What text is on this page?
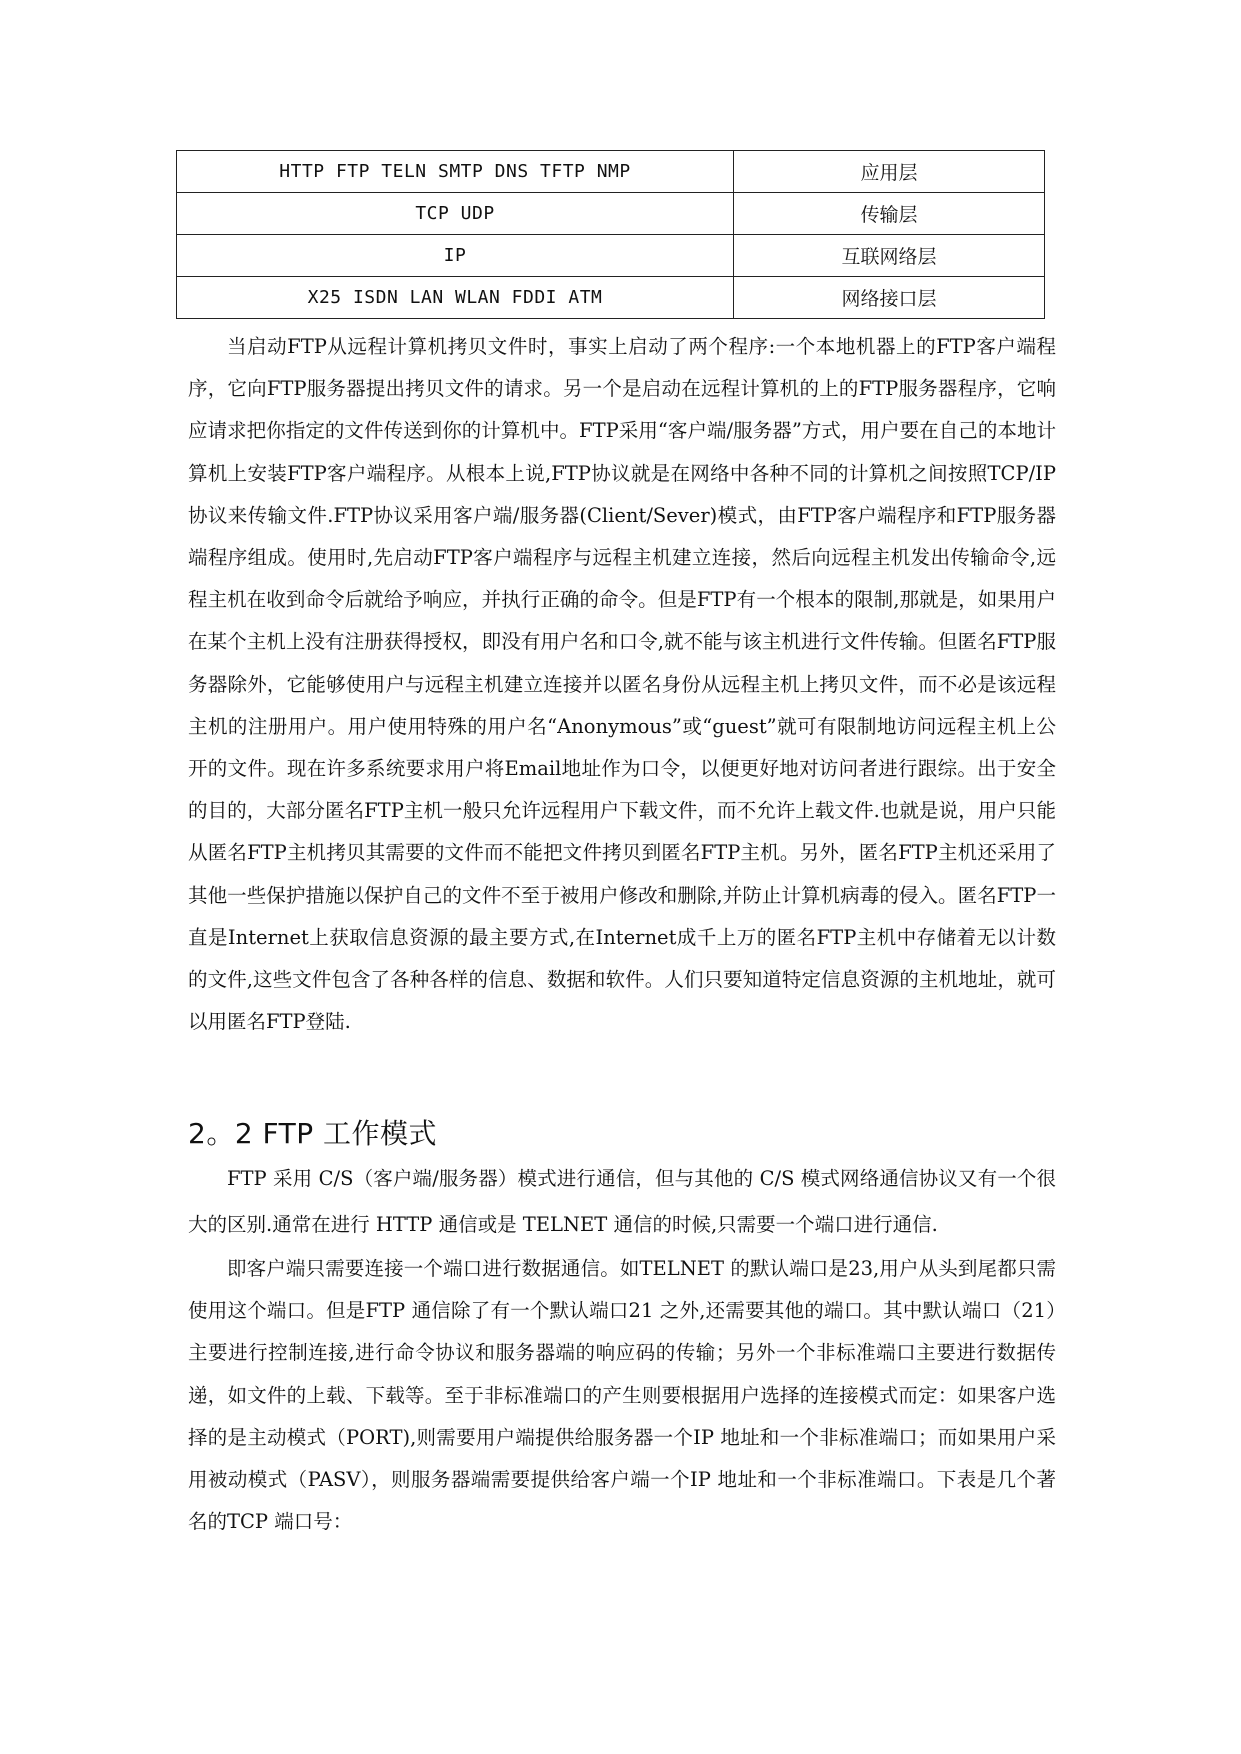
HTTP FTP TELN SMTP DNS TFTP NMP	应用层
TCP UDP	传输层
IP	互联网络层
X25 ISDN LAN WLAN FDDI ATM	网络接口层

当启动FTP从远程计算机拷贝文件时，事实上启动了两个程序:一个本地机器上的FTP客户端程序，它向FTP服务器提出拷贝文件的请求。另一个是启动在远程计算机的上的FTP服务器程序，它响应请求把你指定的文件传送到你的计算机中。FTP采用“客户端/服务器”方式，用户要在自己的本地计算机上安装FTP客户端程序。从根本上说,FTP协议就是在网络中各种不同的计算机之间按照TCP/IP协议来传输文件.FTP协议采用客户端/服务器(Client/Sever)模式，由FTP客户端程序和FTP服务器端程序组成。使用时,先启动FTP客户端程序与远程主机建立连接，然后向远程主机发出传输命令,远程主机在收到命令后就给予响应，并执行正确的命令。但是FTP有一个根本的限制,那就是，如果用户在某个主机上没有注册获得授权，即没有用户名和口令,就不能与该主机进行文件传输。但匿名FTP服务器除外，它能够使用户与远程主机建立连接并以匿名身份从远程主机上拷贝文件，而不必是该远程主机的注册用户。用户使用特殊的用户名“Anonymous”或“guest”就可有限制地访问远程主机上公开的文件。现在许多系统要求用户将Email地址作为口令，以便更好地对访问者进行跟综。出于安全的目的，大部分匿名FTP主机一般只允许远程用户下载文件，而不允许上载文件.也就是说，用户只能从匿名FTP主机拷贝其需要的文件而不能把文件拷贝到匿名FTP主机。另外，匿名FTP主机还采用了其他一些保护措施以保护自己的文件不至于被用户修改和删除,并防止计算机病毒的侵入。匿名FTP一直是Internet上获取信息资源的最主要方式,在Internet成千上万的匿名FTP主机中存储着无以计数的文件,这些文件包含了各种各样的信息、数据和软件。人们只要知道特定信息资源的主机地址，就可以用匿名FTP登陆.

2。2 FTP 工作模式

FTP 采用 C/S（客户端/服务器）模式进行通信，但与其他的 C/S 模式网络通信协议又有一个很大的区别.通常在进行 HTTP 通信或是 TELNET 通信的时候,只需要一个端口进行通信.

即客户端只需要连接一个端口进行数据通信。如TELNET 的默认端口是23,用户从头到尾都只需使用这个端口。但是FTP 通信除了有一个默认端口21 之外,还需要其他的端口。其中默认端口（21）主要进行控制连接,进行命令协议和服务器端的响应码的传输；另外一个非标准端口主要进行数据传递，如文件的上载、下载等。至于非标准端口的产生则要根据用户选择的连接模式而定：如果客户选择的是主动模式（PORT),则需要用户端提供给服务器一个IP 地址和一个非标准端口；而如果用户采用被动模式（PASV），则服务器端需要提供给客户端一个IP 地址和一个非标准端口。下表是几个著名的TCP 端口号：
